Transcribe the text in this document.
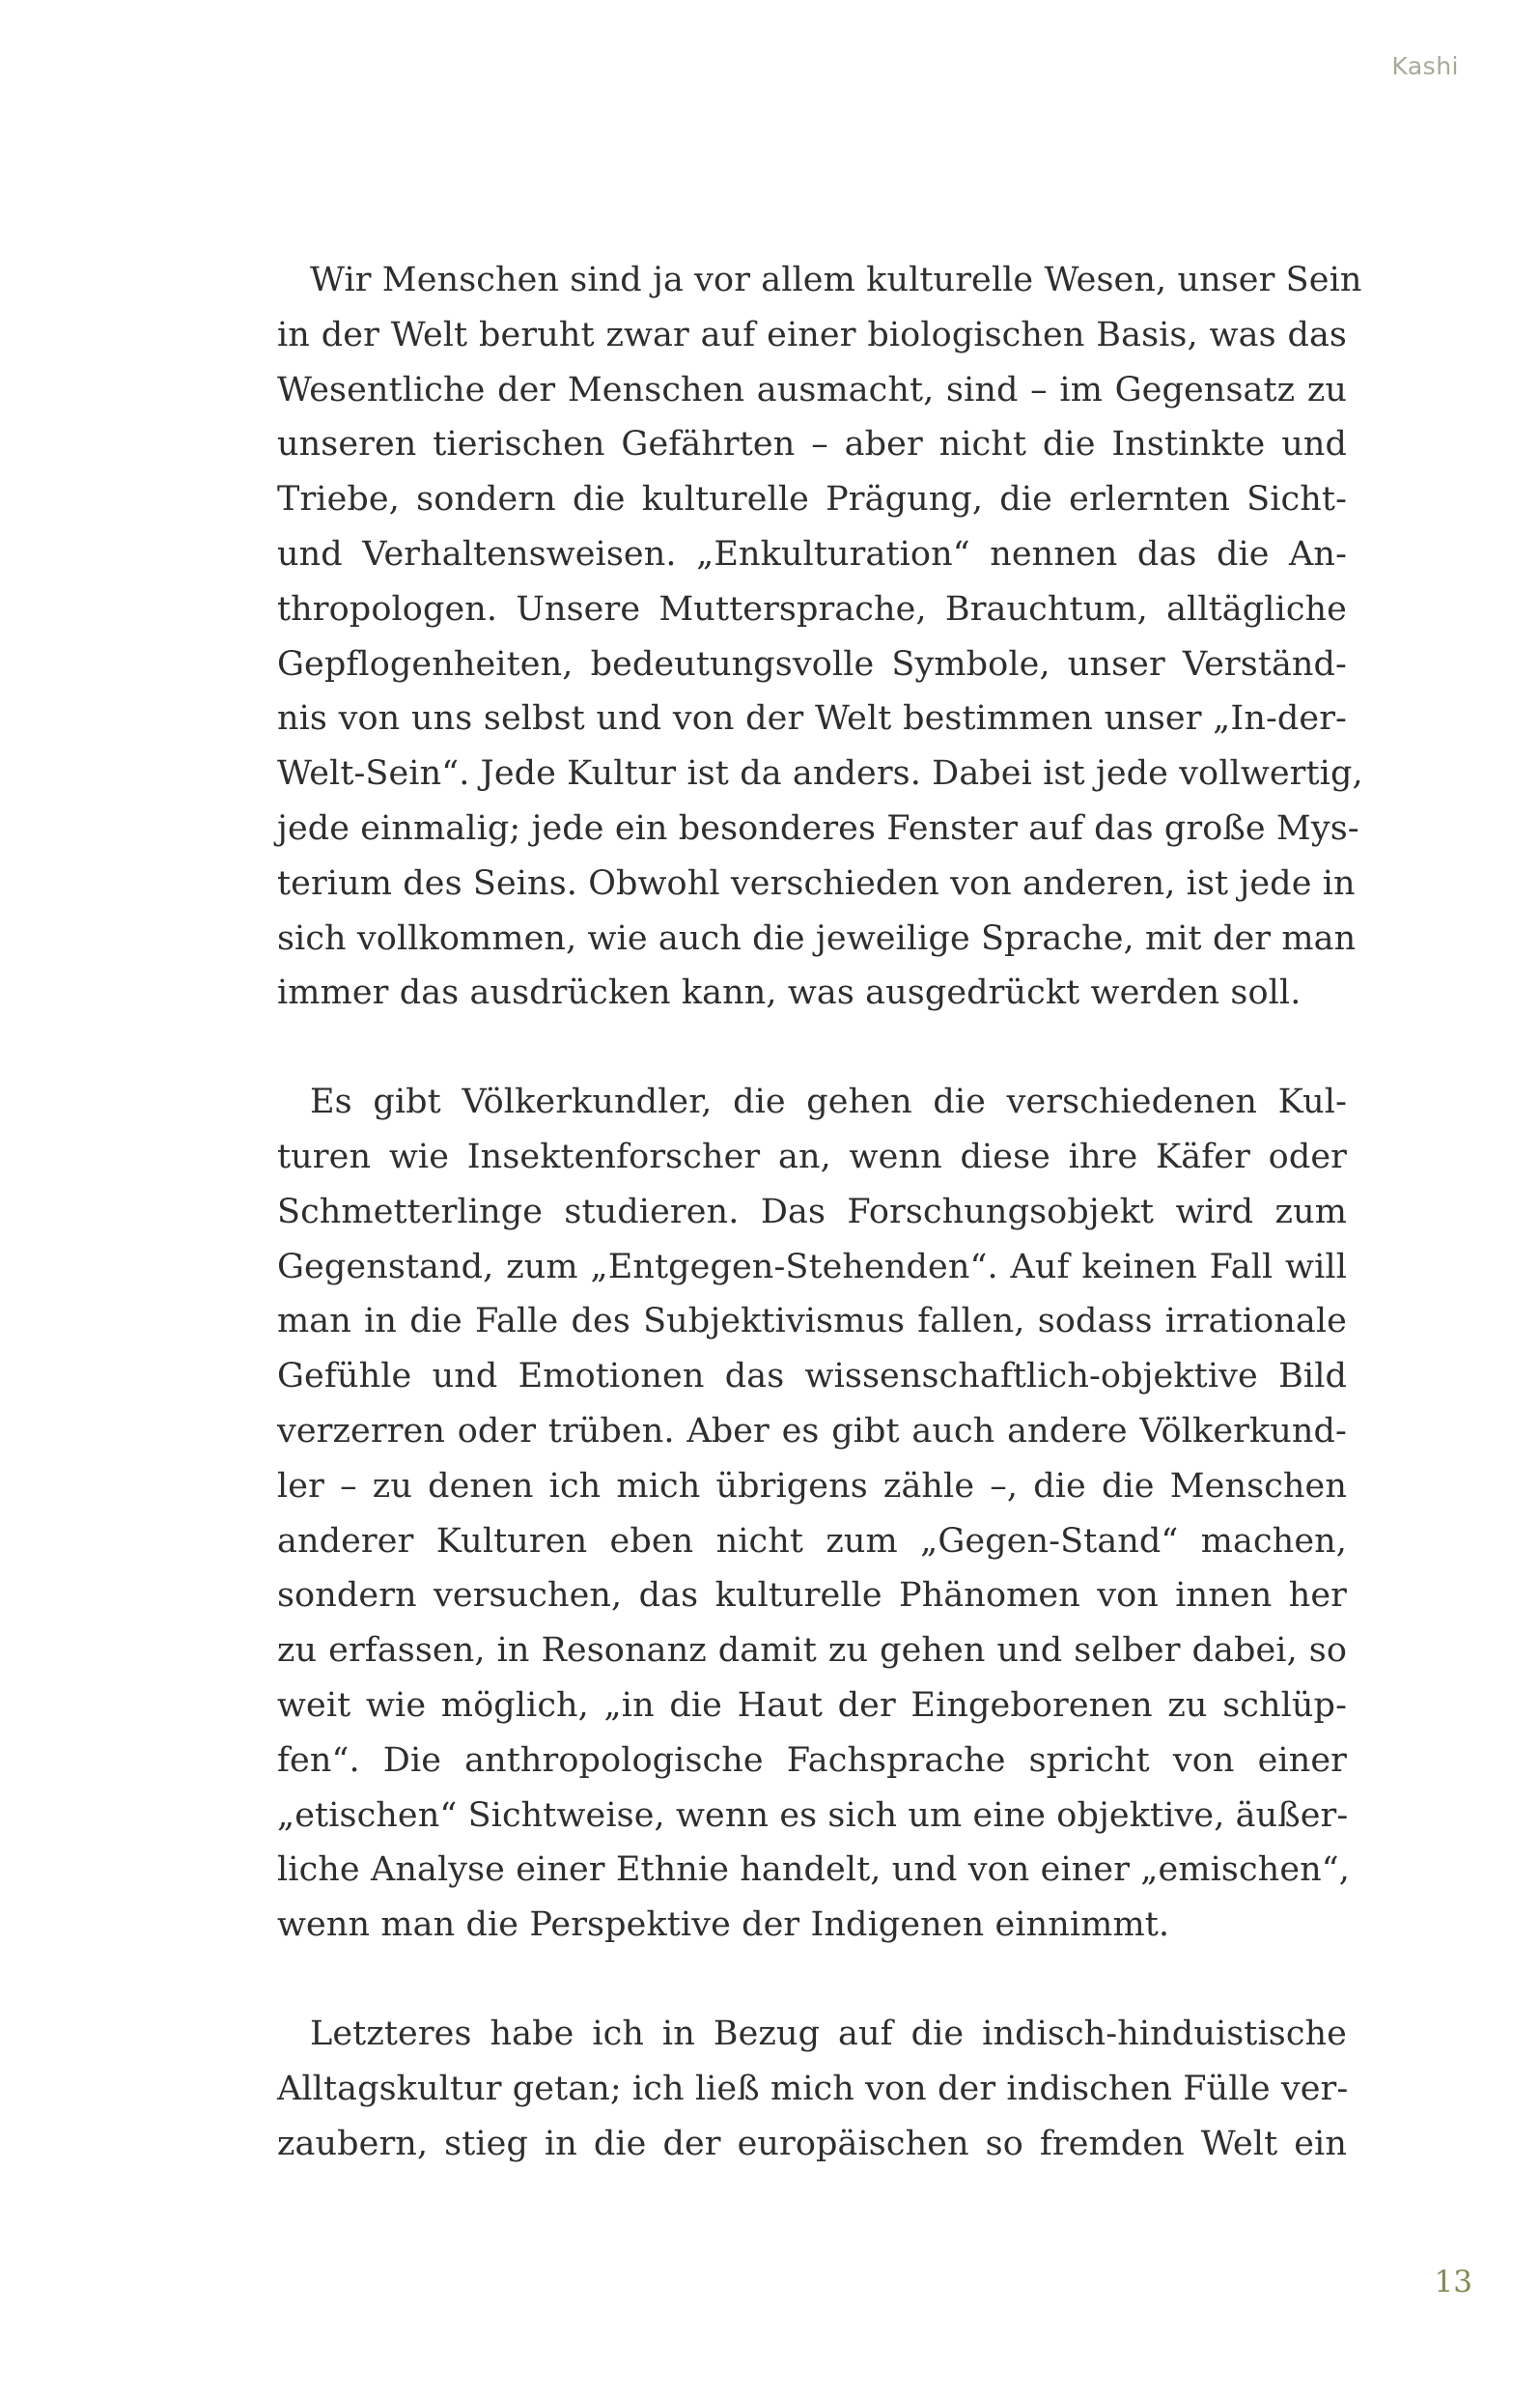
Kashi
Wir Menschen sind ja vor allem kulturelle Wesen, unser Sein
in der Welt beruht zwar auf einer biologischen Basis, was das
Wesentliche der Menschen ausmacht, sind – im Gegensatz zu
unseren tierischen Gefährten – aber nicht die Instinkte und
Triebe, sondern die kulturelle Prägung, die erlernten Sicht-
und Verhaltensweisen. „Enkulturation“ nennen das die An-
thropologen. Unsere Muttersprache, Brauchtum, alltägliche
Gepflogenheiten, bedeutungsvolle Symbole, unser Verständ-
nis von uns selbst und von der Welt bestimmen unser „In-der-
Welt-Sein“. Jede Kultur ist da anders. Dabei ist jede vollwertig,
jede einmalig; jede ein besonderes Fenster auf das große Mys-
terium des Seins. Obwohl verschieden von anderen, ist jede in
sich vollkommen, wie auch die jeweilige Sprache, mit der man
immer das ausdrücken kann, was ausgedrückt werden soll.
Es gibt Völkerkundler, die gehen die verschiedenen Kul-
turen wie Insektenforscher an, wenn diese ihre Käfer oder
Schmetterlinge studieren. Das Forschungsobjekt wird zum
Gegenstand, zum „Entgegen-Stehenden“. Auf keinen Fall will
man in die Falle des Subjektivismus fallen, sodass irrationale
Gefühle und Emotionen das wissenschaftlich-objektive Bild
verzerren oder trüben. Aber es gibt auch andere Völkerkund-
ler – zu denen ich mich übrigens zähle –, die die Menschen
anderer Kulturen eben nicht zum „Gegen-Stand“ machen,
sondern versuchen, das kulturelle Phänomen von innen her
zu erfassen, in Resonanz damit zu gehen und selber dabei, so
weit wie möglich, „in die Haut der Eingeborenen zu schlüp-
fen“. Die anthropologische Fachsprache spricht von einer
„etischen“ Sichtweise, wenn es sich um eine objektive, äußer-
liche Analyse einer Ethnie handelt, und von einer „emischen“,
wenn man die Perspektive der Indigenen einnimmt.
Letzteres habe ich in Bezug auf die indisch-hinduistische
Alltagskultur getan; ich ließ mich von der indischen Fülle ver-
zaubern, stieg in die der europäischen so fremden Welt ein
13
